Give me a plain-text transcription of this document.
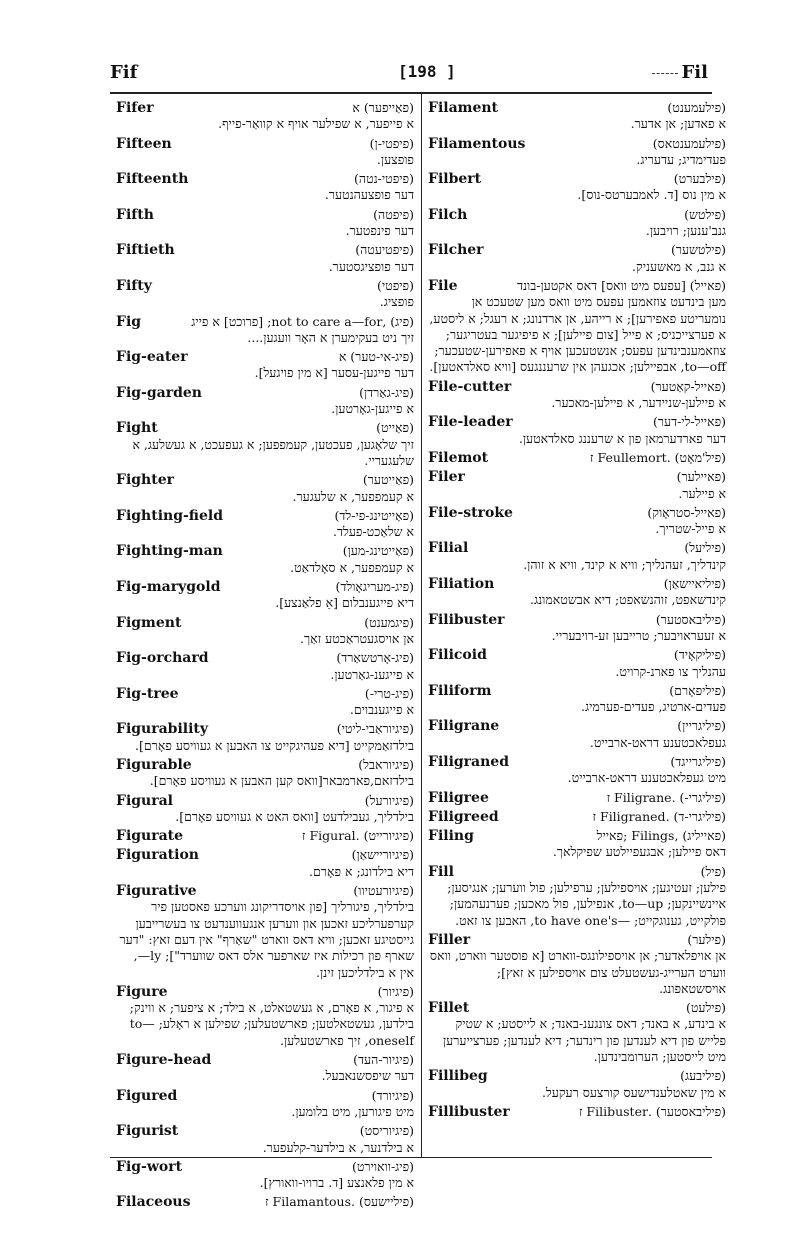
Fif	[198 ]	Fil
Fifer	(פאַייפער) א
א פייפער, א שפילער אויף א קוואַר-פייף.
Fifteen	(פיפטי-ן)
פופצען.
Fifteenth	(פיפטי-נטה)
דער פופצעהנטער.
Fifth	(פיפטה)
דער פינפטער.
Fiftieth	(פיפטיעטה)
דער פופציגסטער.
Fifty	(פיפטי)
פופציג.
Fig	(פיג) ,not to care a—for; [פרוכט] א פייג
זיך ניט בעקימערן א האָר וועגען....
Fig-eater	(פיג-אי-טער) א
דער פייגען-עסער [א מין פויגעל].
Fig-garden	(פיג-גאַרדן)
א פייגען-גאָרטען.
Fight	(פאַייט)
זיך שלאָגען, פעכטען, קעמפפען; א געפעכט, א געשלעג, א שלעגעריי.
Fighter	(פאַייטער)
א קעמפפער, א שלעגער.
Fighting-field	(פאַייטינג-פי-לד)
א שלאַכט-פעלד.
Fighting-man	(פאַייטינג-מען)
א קעמפפער, א סאָלדאַט.
Fig-marygold	(פיג-מעריגאָולד)
דיא פייגענבלום [אַ פלאַנצע].
Figment	(פיגמענט)
אן אויסגעטראַכטע זאַך.
Fig-orchard	(פיג-אָרטשאַרד)
א פייגענ-גאַרטען.
Fig-tree	(פיג-טרי-)
א פייגענבוים.
Figurability	(פיגיוראַבי-ליטי)
בילדזאַמקייט [דיא פעהיגקייט צו האבען א געוויסע פאָרם].
Figurable	(פיגיוראבל)
בילדזאם,פארמבאר[וואס קען האבען א געוויסע פאָרם].
Figural	(פיגיורעל)
בילדליך, געבילדעט [וואס האט א געוויסע פאָרם].
Figurate	(פיגיורייט) .Figural ז
Figuration	(פיגיוריישאַן)
דיא בילדונג; א פאָרם.
Figurative	(פיגיורעטיוו)
בילדליך, פיגורליך [פון אויסדריקונג ווערכע פאסטען פיר קערפערליכע זאכען און ווערען אנגעווענדעט צו בעשרייבען גייסטיגע זאכען; וויא דאס ווארט "שאַרף" אין דעם זאץ: "דער שארף פון רכילות איז שארפער אלס דאס שווערד"]; ly—, אין א בילדליכען זינן.
Figure	(פיגיור)
א פיגור, א פאָרם, א געשטאלט, א בילד; א ציפער; א ווינק; בילדען, געשטאלטען; פארשטעלען; שפילען א ראָלע; to— oneself, זיך פארשטעלען.
Figure-head	(פיגיור-העד)
דער שיפסשנאבעל.
Figured	(פיגיורד)
מיט פיגורען, מיט בלומען.
Figurist	(פיגיוריסט)
א בילדנער, א בילדער-קלעפער.
Fig-wort	(פיג-וואוירט)
א מין פלאנצע [ד. ברויו-וואורץ].
Filaceous	(פיליישעס) .Filamantous ז
Filament	(פילעמענט)
א פאדען; אן אדער.
Filamentous	(פילעמענטאס)
פעדימדיג; עדעריג.
Filbert	(פילבערט)
א מין נוס [ד. לאמבערטס-נוס].
Filch	(פילטש)
גנב'ענען; רויבען.
Filcher	(פילטשער)
א גנב, א מאשעניק.
File	(פאייל) [עפעס מיט וואס] דאס אקטען-בונד
מען בינדעט צוזאמען עפעס מיט וואס מען שטעכט אן נומעריטע פאפירען]; א רייהע, אן ארדנונג; א רעגל; א ליסטע, א פערצייכניס; א פייל [צום פיילען]; א פיפיגער בעטריגער; צוזאמענבינדען עפעס; אנשטעכען אויף א פאפירען-שטעכער; to—off, אבפיילען; אכגעהן אין שרעננגעס [וויא סאלדאטען].
File-cutter	(פאייל-קאַטער)
א פיילען-שניידער, א פיילען-מאכער.
File-leader	(פאייל-לי-דער)
דער פארדערמאן פון א שרעננג סאלדאטען.
Filemot	(פיל'מאָט) .Feullemort ז
Filer	(פאיילער)
א פיילער.
File-stroke	(פאייל-סטראָוק)
א פייל-שטריך.
Filial	(פיליעל)
קינדליך, זעהנליך; וויא א קינד, וויא א זוהן.
Filiation	(פיליאיישאַן)
קינדשאפט, זוהנשאפט; דיא אבשטאמונג.
Filibuster	(פיליבאסטער)
א זעעראויבער; טרייבען זע-רויבעריי.
Filicoid	(פיליקאָיד)
עהנליך צו פארנ-קרויט.
Filiform	(פיליפאָרם)
פעדים-ארטיג, פעדים-פערמיג.
Filigrane	(פיליגריין)
געפלאכטענע דראט-ארבייט.
Filigraned	(פיליגרייגד)
מיט געפלאכטענע דראט-ארבייט.
Filigree	(פיליגרי-) .Filigrane ז
Filigreed	(פיליגרי-ד) .Filigraned ז
Filing	(פאייליג) ,Filings ;פאייל
דאס פיילען; אבגעפיילטע שפיקלאך.
Fill	(פיל)
פילען; זעטיגען; אויספילען; ערפילען; פול ווערען; אנגיסען; איינשיינקען; to—up, אנפילען, פול מאכען; פערנעהמען; פולקייט, גענוגקייט; —to have one's, האבען צו זאט.
Filler	(פילער)
אן אויפלאדער; אן אויספילונגס-ווארט [א פוסטער ווארט, וואס ווערט הערייג-געשטעלט צום אויספילען א זאץ]; אויסשטאפונג.
Fillet	(פילעט)
א בינדע, א באנד; דאס צונגענ-באנד; א לייסטע; א שטיק פלייש פון דיא לענדען פון רינדער; דיא לענדען; פערצייערען מיט לייסטען; הערומבינדען.
Fillibeg	(פיליבעג)
א מין שאטלענדישעס קורצעס רעקעל.
Fillibuster	(פיליבאסטער) .Filibuster ז
